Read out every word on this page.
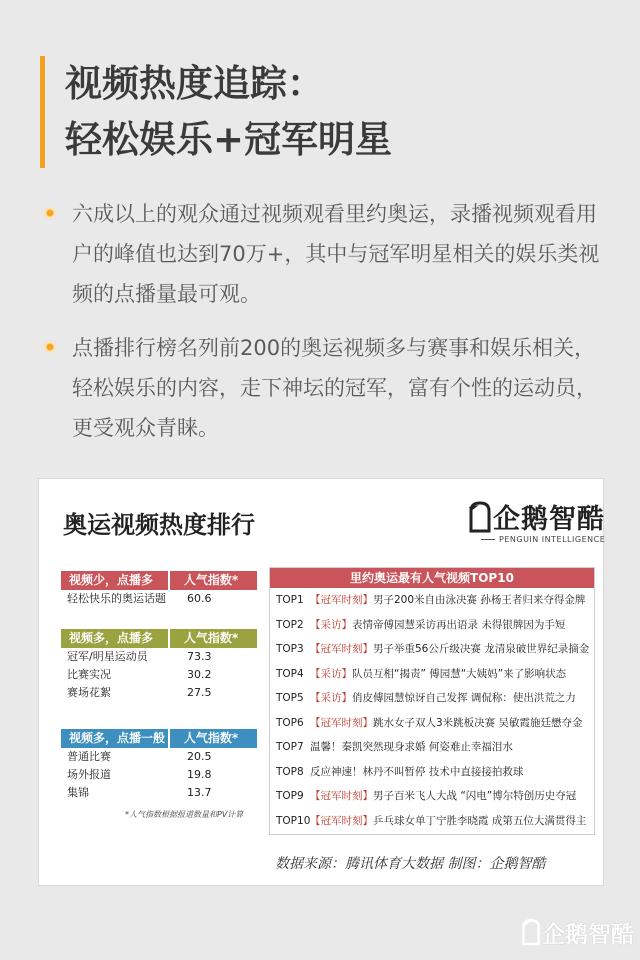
视频热度追踪：
轻松娱乐+冠军明星
六成以上的观众通过视频观看里约奥运，录播视频观看用户的峰值也达到70万+，其中与冠军明星相关的娱乐类视频的点播量最可观。
点播排行榜名列前200的奥运视频多与赛事和娱乐相关，轻松娱乐的内容，走下神坛的冠军，富有个性的运动员，更受观众青睐。
奥运视频热度排行	企鹅智酷
PENGUIN INTELLIGENCE
视频少，点播多	人气指数*
轻松快乐的奥运话题	60.6
视频多，点播多	人气指数*
冠军/明星运动员	73.3
比赛实况	30.2
赛场花絮	27.5
视频多，点播一般	人气指数*
普通比赛	20.5
场外报道	19.8
集锦	13.7
*人气指数根据报道数量和PV计算
里约奥运最有人气视频TOP10
TOP1 【冠军时刻】男子200米自由泳决赛 孙杨王者归来夺得金牌
TOP2 【采访】表情帝傅园慧采访再出语录 未得银牌因为手短
TOP3 【冠军时刻】男子举重56公斤级决赛 龙清泉破世界纪录摘金
TOP4 【采访】队员互相“揭责” 傅园慧“大姨妈”来了影响状态
TOP5 【采访】俏皮傅园慧惊讶自己发挥 调侃称：使出洪荒之力
TOP6 【冠军时刻】跳水女子双人3米跳板决赛 吴敏霞施廷懋夺金
TOP7 温馨！秦凯突然现身求婚 何姿难止幸福泪水
TOP8 反应神速！林丹不叫暂停 技术中直接接拍救球
TOP9 【冠军时刻】男子百米飞人大战 “闪电”博尔特创历史夺冠
TOP10 【冠军时刻】乒乓球女单丁宁胜李晓霞 成第五位大满贯得主
数据来源：腾讯体育大数据 制图：企鹅智酷
企鹅智酷
